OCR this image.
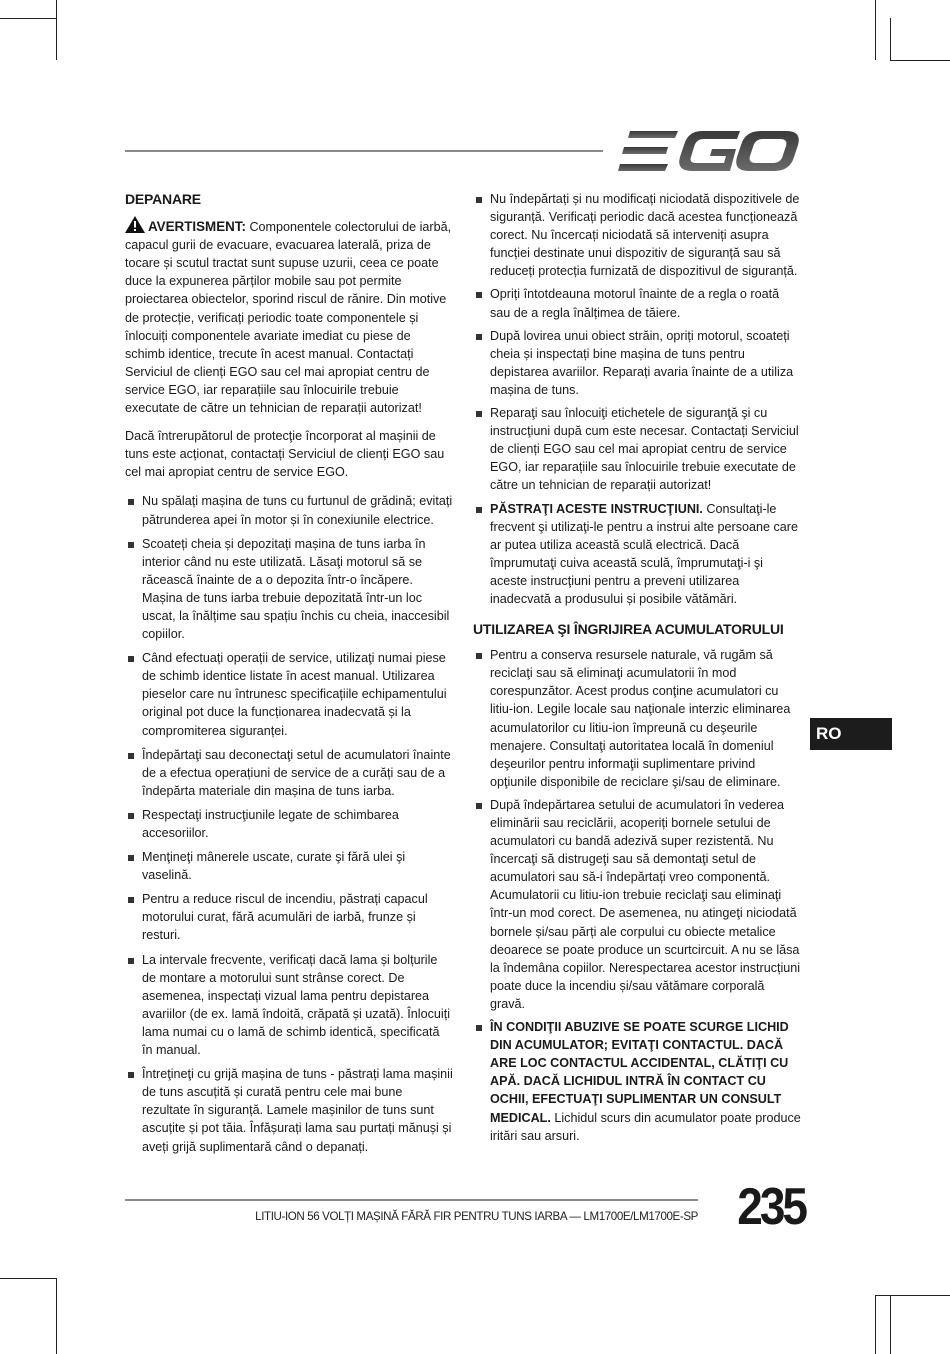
DEPANARE
AVERTISMENT: Componentele colectorului de iarbă, capacul gurii de evacuare, evacuarea laterală, priza de tocare și scutul tractat sunt supuse uzurii, ceea ce poate duce la expunerea părților mobile sau pot permite proiectarea obiectelor, sporind riscul de rănire. Din motive de protecție, verificați periodic toate componentele și înlocuiți componentele avariate imediat cu piese de schimb identice, trecute în acest manual. Contactați Serviciul de clienți EGO sau cel mai apropiat centru de service EGO, iar reparațiile sau înlocuirile trebuie executate de către un tehnician de reparații autorizat!
Dacă întrerupătorul de protecţie încorporat al mașinii de tuns este acționat, contactați Serviciul de clienți EGO sau cel mai apropiat centru de service EGO.
Nu spălați mașina de tuns cu furtunul de grădină; evitați pătrunderea apei în motor și în conexiunile electrice.
Scoateți cheia și depozitați mașina de tuns iarba în interior când nu este utilizată. Lăsaţi motorul să se răcească înainte de a o depozita într-o încăpere. Mașina de tuns iarba trebuie depozitată într-un loc uscat, la înălțime sau spațiu închis cu cheia, inaccesibil copiilor.
Când efectuați operații de service, utilizaţi numai piese de schimb identice listate în acest manual. Utilizarea pieselor care nu întrunesc specificațiile echipamentului original pot duce la funcționarea inadecvată și la compromiterea siguranței.
Îndepărtaţi sau deconectaţi setul de acumulatori înainte de a efectua operațiuni de service de a curăți sau de a îndepărta materiale din mașina de tuns iarba.
Respectaţi instrucţiunile legate de schimbarea accesoriilor.
Menţineţi mânerele uscate, curate şi fără ulei şi vaselină.
Pentru a reduce riscul de incendiu, păstrați capacul motorului curat, fără acumulări de iarbă, frunze și resturi.
La intervale frecvente, verificați dacă lama și bolțurile de montare a motorului sunt strânse corect. De asemenea, inspectați vizual lama pentru depistarea avariilor (de ex. lamă îndoită, crăpată și uzată). Înlocuiți lama numai cu o lamă de schimb identică, specificată în manual.
Întreţineţi cu grijă mașina de tuns - păstrați lama mașinii de tuns ascuțită și curată pentru cele mai bune rezultate în siguranță. Lamele mașinilor de tuns sunt ascuțite și pot tăia. Înfășurați lama sau purtați mănuși și aveți grijă suplimentară când o depanați.
Nu îndepărtați și nu modificați niciodată dispozitivele de siguranță. Verificați periodic dacă acestea funcționează corect. Nu încercați niciodată să interveniți asupra funcției destinate unui dispozitiv de siguranță sau să reduceți protecția furnizată de dispozitivul de siguranță.
Opriți întotdeauna motorul înainte de a regla o roată sau de a regla înălțimea de tăiere.
După lovirea unui obiect străin, opriți motorul, scoateți cheia și inspectați bine mașina de tuns pentru depistarea avariilor. Reparați avaria înainte de a utiliza mașina de tuns.
Reparaţi sau înlocuiţi etichetele de siguranţă şi cu instrucţiuni după cum este necesar. Contactați Serviciul de clienți EGO sau cel mai apropiat centru de service EGO, iar reparațiile sau înlocuirile trebuie executate de către un tehnician de reparații autorizat!
PĂSTRAŢI ACESTE INSTRUCŢIUNI. Consultaţi-le frecvent şi utilizaţi-le pentru a instrui alte persoane care ar putea utiliza această sculă electrică. Dacă împrumutaţi cuiva această sculă, împrumutaţi-i şi aceste instrucţiuni pentru a preveni utilizarea inadecvată a produsului și posibile vătămări.
UTILIZAREA ŞI ÎNGRIJIREA ACUMULATORULUI
Pentru a conserva resursele naturale, vă rugăm să reciclaţi sau să eliminaţi acumulatorii în mod corespunzător. Acest produs conţine acumulatori cu litiu-ion. Legile locale sau naţionale interzic eliminarea acumulatorilor cu litiu-ion împreună cu deşeurile menajere. Consultaţi autoritatea locală în domeniul deşeurilor pentru informaţii suplimentare privind opţiunile disponibile de reciclare şi/sau de eliminare.
După îndepărtarea setului de acumulatori în vederea eliminării sau reciclării, acoperiți bornele setului de acumulatori cu bandă adezivă super rezistentă. Nu încercaţi să distrugeţi sau să demontaţi setul de acumulatori sau să-i îndepărtați vreo componentă. Acumulatorii cu litiu-ion trebuie reciclaţi sau eliminaţi într-un mod corect. De asemenea, nu atingeţi niciodată bornele și/sau părți ale corpului cu obiecte metalice deoarece se poate produce un scurtcircuit. A nu se lăsa la îndemâna copiilor. Nerespectarea acestor instrucțiuni poate duce la incendiu și/sau vătămare corporală gravă.
ÎN CONDIŢII ABUZIVE SE POATE SCURGE LICHID DIN ACUMULATOR; EVITAŢI CONTACTUL. DACĂ ARE LOC CONTACTUL ACCIDENTAL, CLĂTIŢI CU APĂ. DACĂ LICHIDUL INTRĂ ÎN CONTACT CU OCHII, EFECTUAŢI SUPLIMENTAR UN CONSULT MEDICAL. Lichidul scurs din acumulator poate produce iritări sau arsuri.
RO
LITIU-ION 56 VOLȚI MAȘINĂ FĂRĂ FIR PENTRU TUNS IARBA — LM1700E/LM1700E-SP 235
